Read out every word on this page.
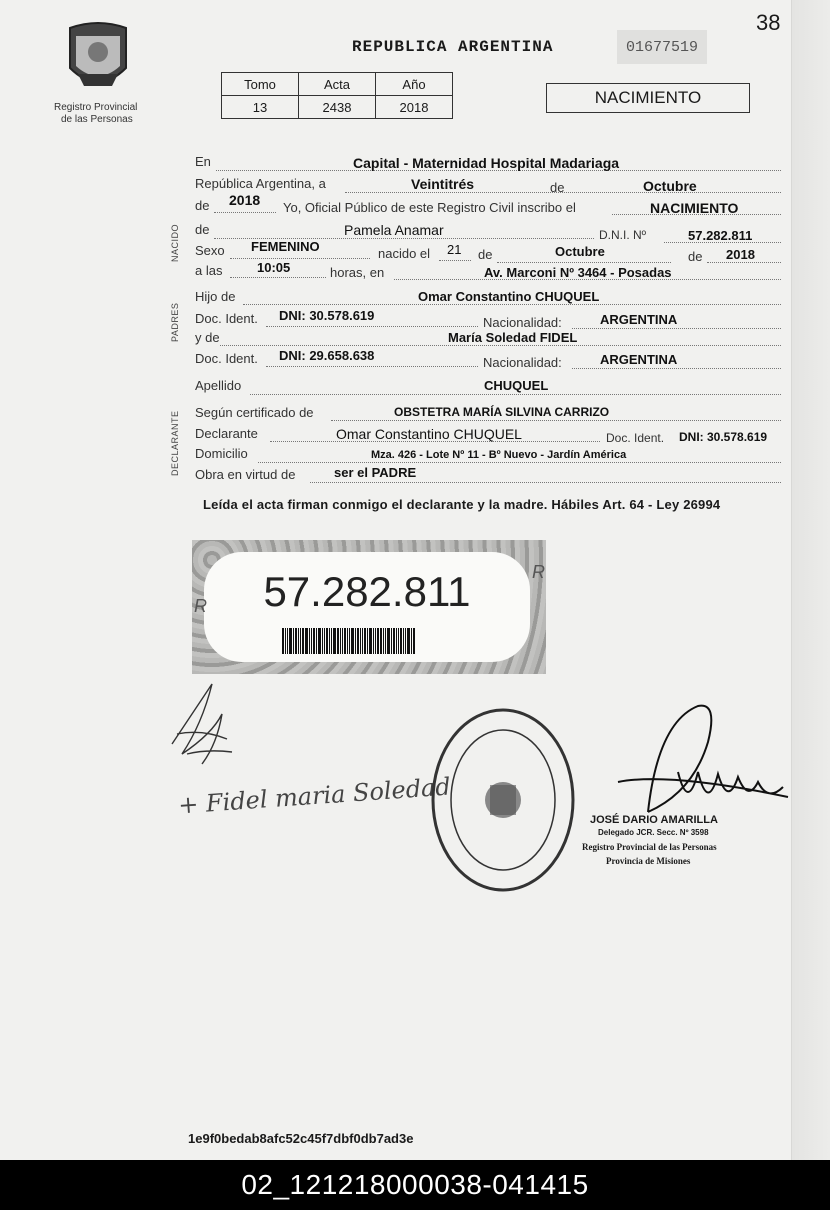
38
Registro Provincial
de las Personas
REPUBLICA ARGENTINA	01677519
NACIMIENTO
Tomo	Acta	Año
13	2438	2018
NACIDO
PADRES
DECLARANTE
En	Capital - Maternidad Hospital Madariaga
República Argentina, a	Veintitrés	de	Octubre
de 2018 Yo, Oficial Público de este Registro Civil inscribo el	NACIMIENTO
de	Pamela Anamar	D.N.I. Nº	57.282.811
Sexo FEMENINO	nacido el 21 de	Octubre	de 2018
a las	10:05	horas, en	Av. Marconi Nº 3464 - Posadas
Hijo de	Omar Constantino CHUQUEL
Doc. Ident. DNI: 30.578.619	Nacionalidad:	ARGENTINA
y de	María Soledad FIDEL
Doc. Ident. DNI: 29.658.638	Nacionalidad:	ARGENTINA
Apellido	CHUQUEL
Según certificado de	OBSTETRA MARÍA SILVINA CARRIZO
Declarante	Omar Constantino CHUQUEL	Doc. Ident. DNI: 30.578.619
Domicilio	Mza. 426 - Lote Nº 11 - Bº Nuevo - Jardín América
Obra en virtud de	ser el PADRE
Leída el acta firman conmigo el declarante y la madre. Hábiles Art. 64 - Ley 26994
57.282.811
R
R
+ Fidel maria Soledad
JOSÉ DARIO AMARILLA
Delegado JCR. Secc. Nº 3598
Registro Provincial de las Personas
Provincia de Misiones
1e9f0bedab8afc52c45f7dbf0db7ad3e
02_121218000038-041415
